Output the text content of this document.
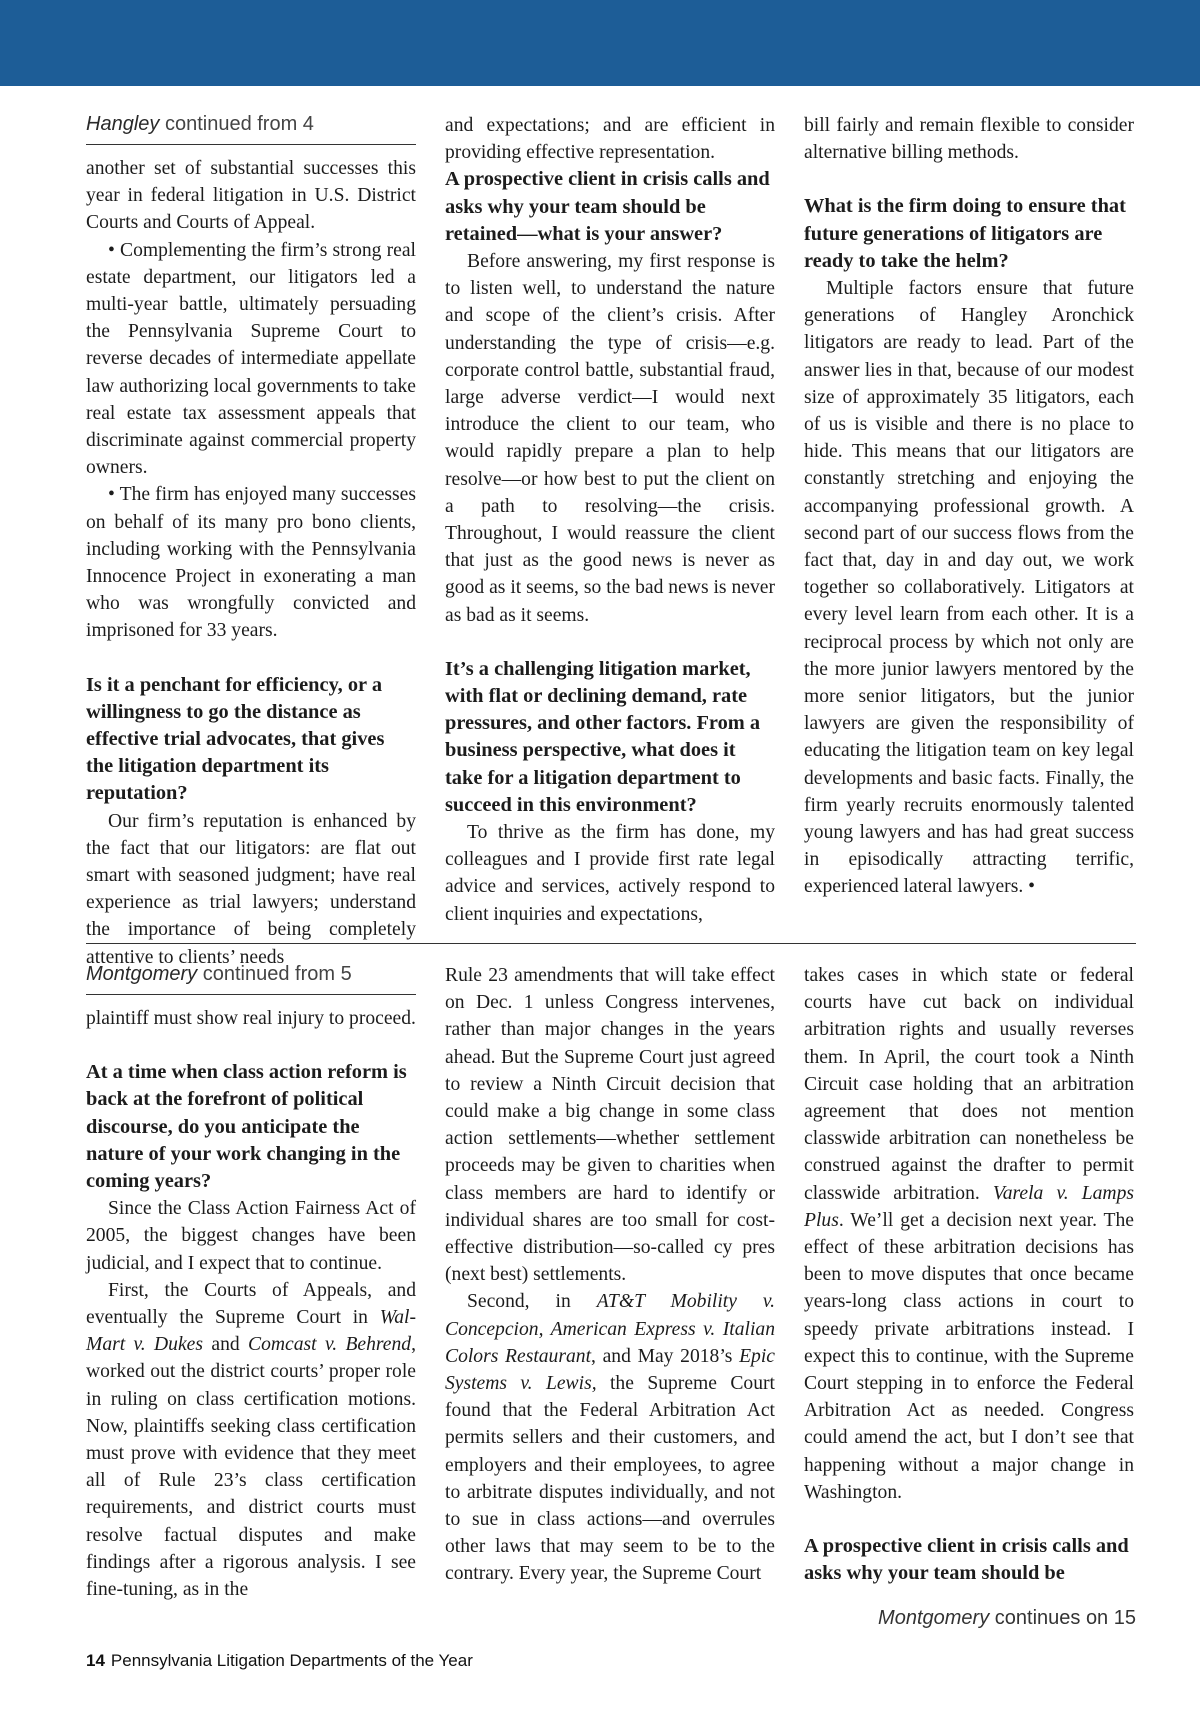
Hangley continued from 4

another set of substantial successes this year in federal litigation in U.S. District Courts and Courts of Appeal.

• Complementing the firm’s strong real estate department, our litigators led a multi-year battle, ultimately persuading the Pennsylvania Supreme Court to reverse decades of intermediate appellate law authorizing local governments to take real estate tax assessment appeals that discriminate against commercial property owners.

• The firm has enjoyed many successes on behalf of its many pro bono clients, including working with the Pennsylvania Innocence Project in exonerating a man who was wrongfully convicted and imprisoned for 33 years.

Is it a penchant for efficiency, or a willingness to go the distance as effective trial advocates, that gives the litigation department its reputation?

Our firm’s reputation is enhanced by the fact that our litigators: are flat out smart with seasoned judgment; have real experience as trial lawyers; understand the importance of being completely attentive to clients’ needs

and expectations; and are efficient in providing effective representation.

A prospective client in crisis calls and asks why your team should be retained—what is your answer?

Before answering, my first response is to listen well, to understand the nature and scope of the client’s crisis. After understanding the type of crisis—e.g. corporate control battle, substantial fraud, large adverse verdict—I would next introduce the client to our team, who would rapidly prepare a plan to help resolve—or how best to put the client on a path to resolving—the crisis. Throughout, I would reassure the client that just as the good news is never as good as it seems, so the bad news is never as bad as it seems.

It’s a challenging litigation market, with flat or declining demand, rate pressures, and other factors. From a business perspective, what does it take for a litigation department to succeed in this environment?

To thrive as the firm has done, my colleagues and I provide first rate legal advice and services, actively respond to client inquiries and expectations,

bill fairly and remain flexible to consider alternative billing methods.

What is the firm doing to ensure that future generations of litigators are ready to take the helm?

Multiple factors ensure that future generations of Hangley Aronchick litigators are ready to lead. Part of the answer lies in that, because of our modest size of approximately 35 litigators, each of us is visible and there is no place to hide. This means that our litigators are constantly stretching and enjoying the accompanying professional growth. A second part of our success flows from the fact that, day in and day out, we work together so collaboratively. Litigators at every level learn from each other. It is a reciprocal process by which not only are the more junior lawyers mentored by the more senior litigators, but the junior lawyers are given the responsibility of educating the litigation team on key legal developments and basic facts. Finally, the firm yearly recruits enormously talented young lawyers and has had great success in episodically attracting terrific, experienced lateral lawyers. •

Montgomery continued from 5

plaintiff must show real injury to proceed.

At a time when class action reform is back at the forefront of political discourse, do you anticipate the nature of your work changing in the coming years?

Since the Class Action Fairness Act of 2005, the biggest changes have been judicial, and I expect that to continue.

First, the Courts of Appeals, and eventually the Supreme Court in Wal-Mart v. Dukes and Comcast v. Behrend, worked out the district courts’ proper role in ruling on class certification motions. Now, plaintiffs seeking class certification must prove with evidence that they meet all of Rule 23’s class certification requirements, and district courts must resolve factual disputes and make findings after a rigorous analysis. I see fine-tuning, as in the

Rule 23 amendments that will take effect on Dec. 1 unless Congress intervenes, rather than major changes in the years ahead. But the Supreme Court just agreed to review a Ninth Circuit decision that could make a big change in some class action settlements—whether settlement proceeds may be given to charities when class members are hard to identify or individual shares are too small for cost-effective distribution—so-called cy pres (next best) settlements.

Second, in AT&T Mobility v. Concepcion, American Express v. Italian Colors Restaurant, and May 2018’s Epic Systems v. Lewis, the Supreme Court found that the Federal Arbitration Act permits sellers and their customers, and employers and their employees, to agree to arbitrate disputes individually, and not to sue in class actions—and overrules other laws that may seem to be to the contrary. Every year, the Supreme Court

takes cases in which state or federal courts have cut back on individual arbitration rights and usually reverses them. In April, the court took a Ninth Circuit case holding that an arbitration agreement that does not mention classwide arbitration can nonetheless be construed against the drafter to permit classwide arbitration. Varela v. Lamps Plus. We’ll get a decision next year. The effect of these arbitration decisions has been to move disputes that once became years-long class actions in court to speedy private arbitrations instead. I expect this to continue, with the Supreme Court stepping in to enforce the Federal Arbitration Act as needed. Congress could amend the act, but I don’t see that happening without a major change in Washington.

A prospective client in crisis calls and asks why your team should be
Montgomery continues on 15
14 Pennsylvania Litigation Departments of the Year
